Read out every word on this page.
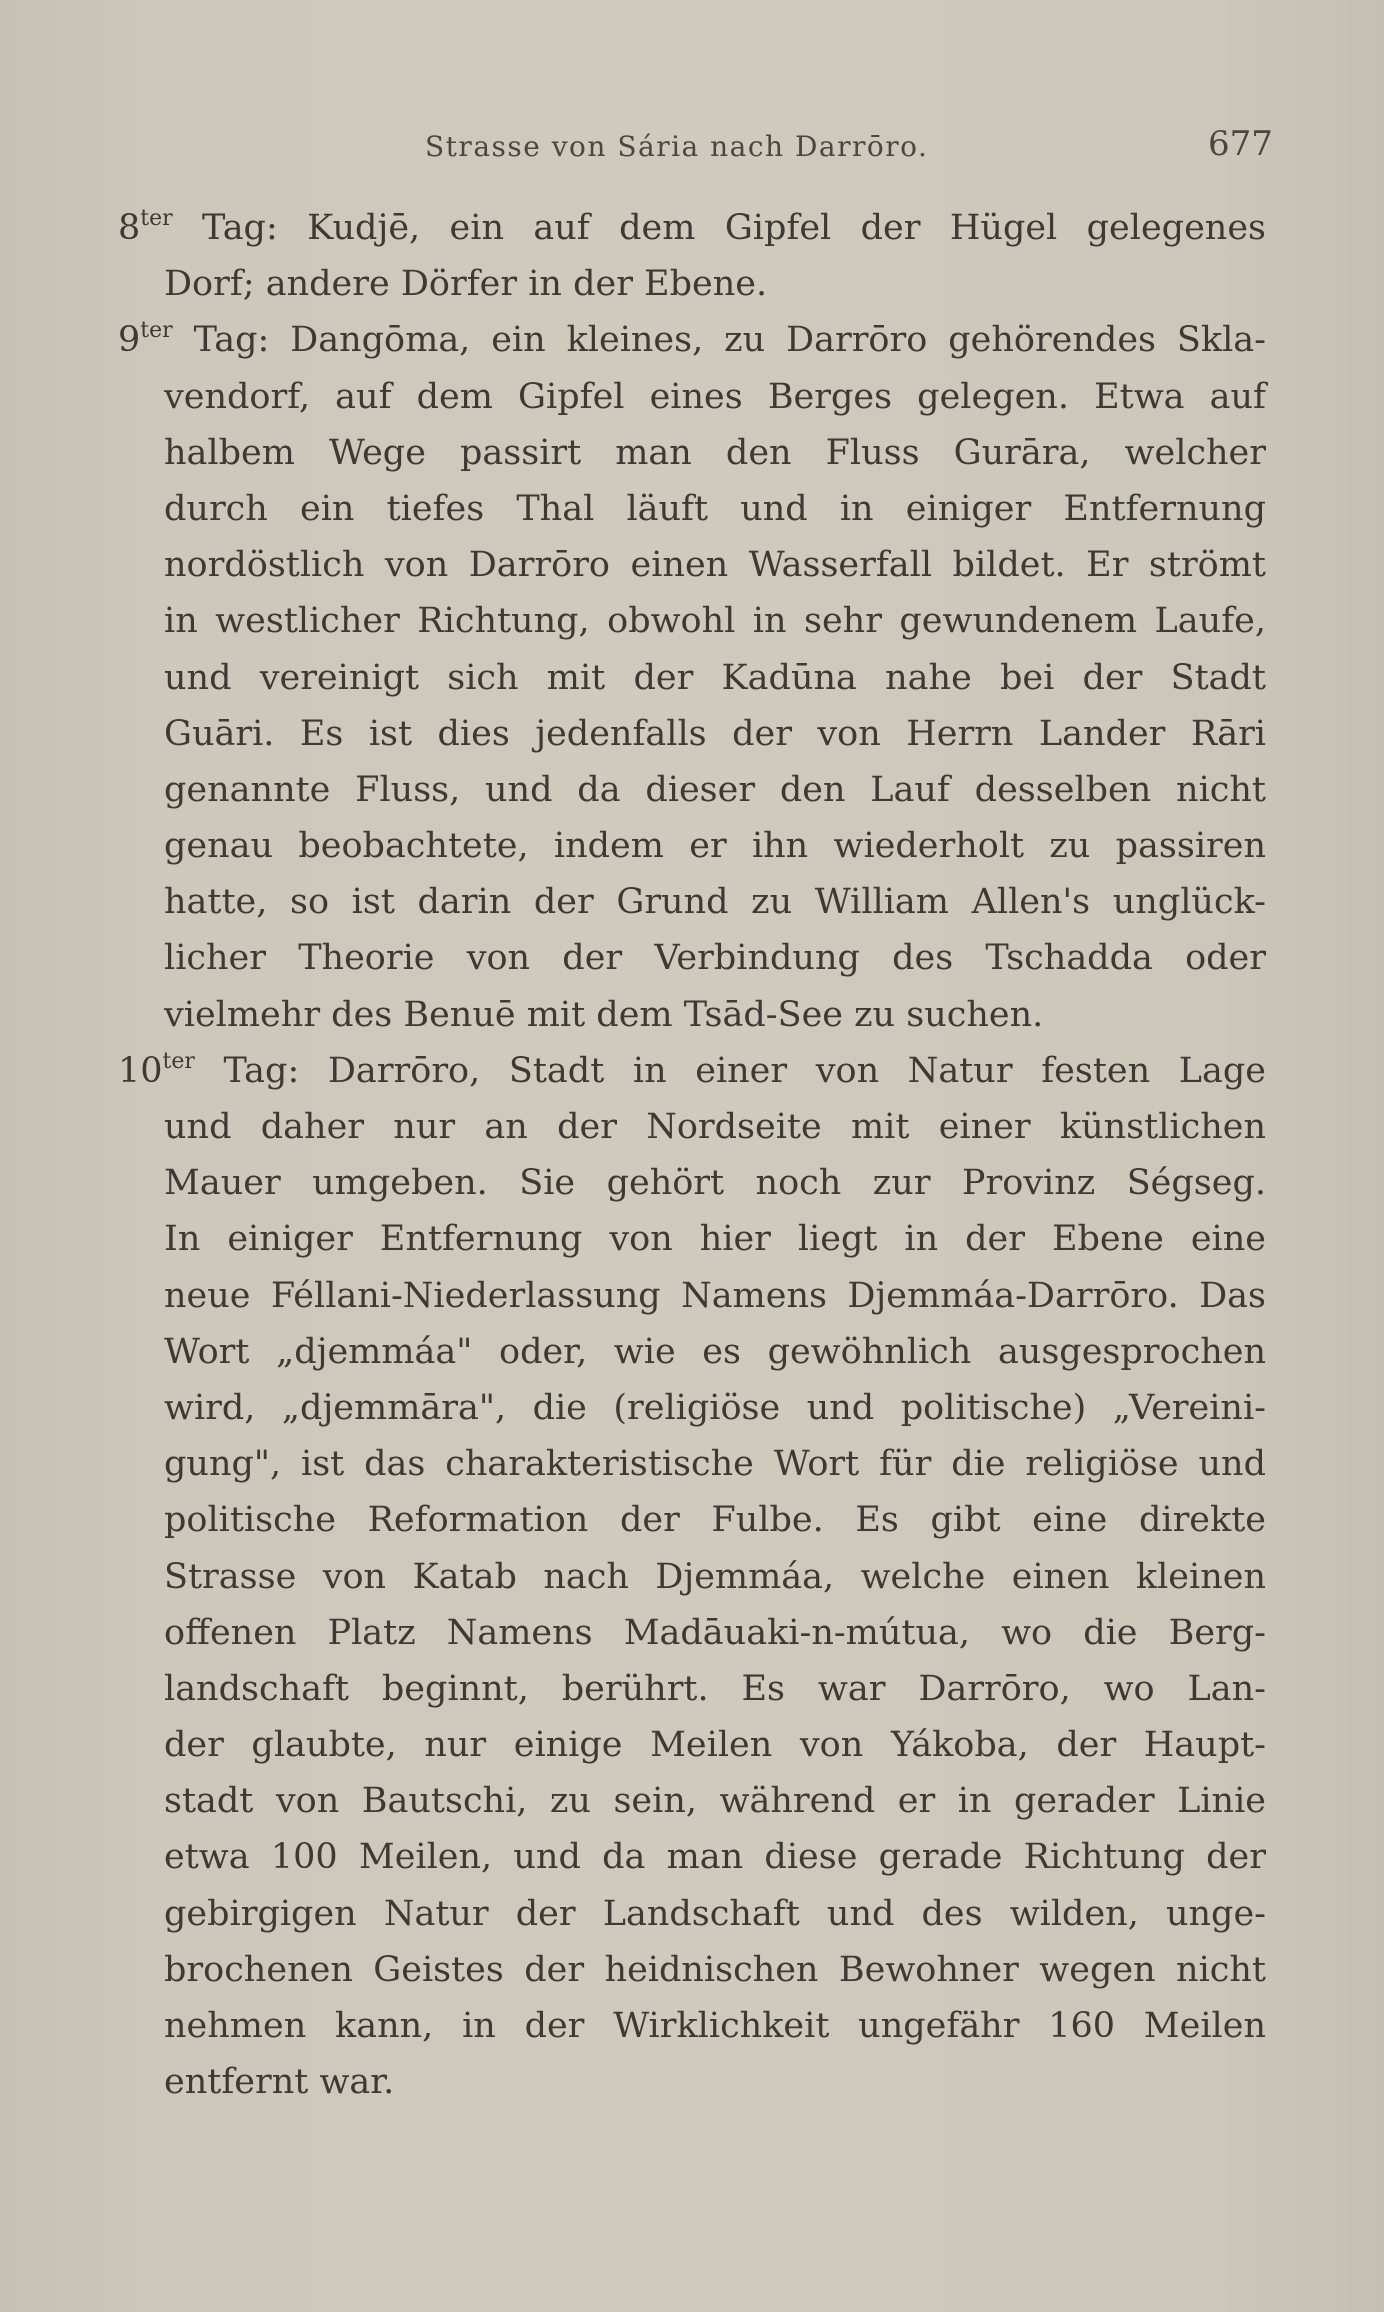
Strasse von Sária nach Darrōro.	677
$8^{ter}$ Tag: Kudjē, ein auf dem Gipfel der Hügel gelegenes
Dorf; andere Dörfer in der Ebene.
$9^{ter}$ Tag: Dangōma, ein kleines, zu Darrōro gehörendes Skla-
vendorf, auf dem Gipfel eines Berges gelegen. Etwa auf
halbem Wege passirt man den Fluss Gurāra, welcher
durch ein tiefes Thal läuft und in einiger Entfernung
nordöstlich von Darrōro einen Wasserfall bildet. Er strömt
in westlicher Richtung, obwohl in sehr gewundenem Laufe,
und vereinigt sich mit der Kadūna nahe bei der Stadt
Guāri. Es ist dies jedenfalls der von Herrn Lander Rāri
genannte Fluss, und da dieser den Lauf desselben nicht
genau beobachtete, indem er ihn wiederholt zu passiren
hatte, so ist darin der Grund zu William Allen's unglück-
licher Theorie von der Verbindung des Tschadda oder
vielmehr des Benuē mit dem Tsād-See zu suchen.
$10^{ter}$ Tag: Darrōro, Stadt in einer von Natur festen Lage
und daher nur an der Nordseite mit einer künstlichen
Mauer umgeben. Sie gehört noch zur Provinz Ségseg.
In einiger Entfernung von hier liegt in der Ebene eine
neue Féllani-Niederlassung Namens Djemmáa-Darrōro. Das
Wort „djemmáa" oder, wie es gewöhnlich ausgesprochen
wird, „djemmāra", die (religiöse und politische) „Vereini-
gung", ist das charakteristische Wort für die religiöse und
politische Reformation der Fulbe. Es gibt eine direkte
Strasse von Katab nach Djemmáa, welche einen kleinen
offenen Platz Namens Madāuaki-n-mútua, wo die Berg-
landschaft beginnt, berührt. Es war Darrōro, wo Lan-
der glaubte, nur einige Meilen von Yákoba, der Haupt-
stadt von Bautschi, zu sein, während er in gerader Linie
etwa 100 Meilen, und da man diese gerade Richtung der
gebirgigen Natur der Landschaft und des wilden, unge-
brochenen Geistes der heidnischen Bewohner wegen nicht
nehmen kann, in der Wirklichkeit ungefähr 160 Meilen
entfernt war.
